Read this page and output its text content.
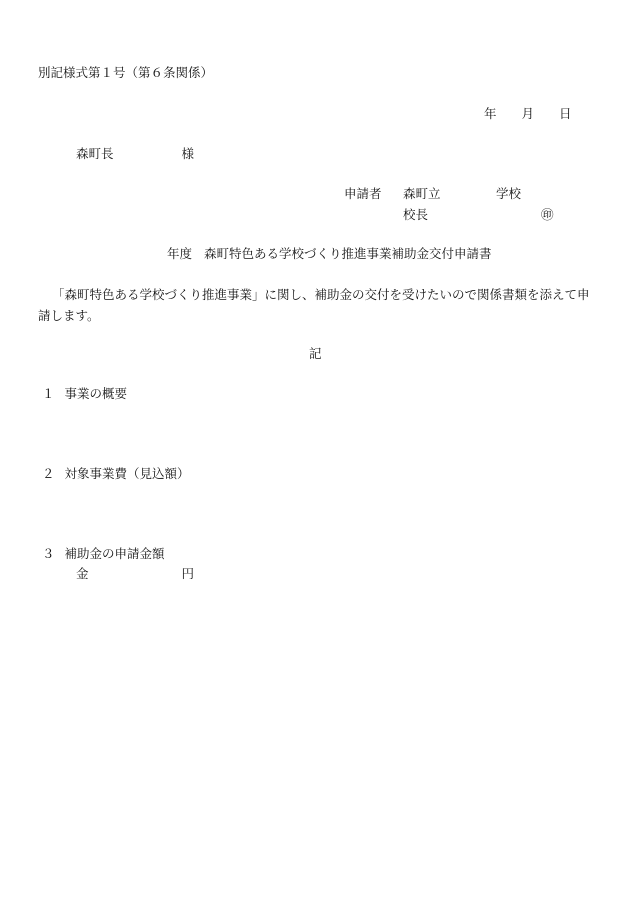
別記様式第１号（第６条関係）
年 月 日
森町長	様
申請者 森町立	学校
校長	㊞
年度 森町特色ある学校づくり推進事業補助金交付申請書
「森町特色ある学校づくり推進事業」に関し、補助金の交付を受けたいので関係書類を添えて申請します。
記
１ 事業の概要
２ 対象事業費（見込額）
３ 補助金の申請金額
金	円
